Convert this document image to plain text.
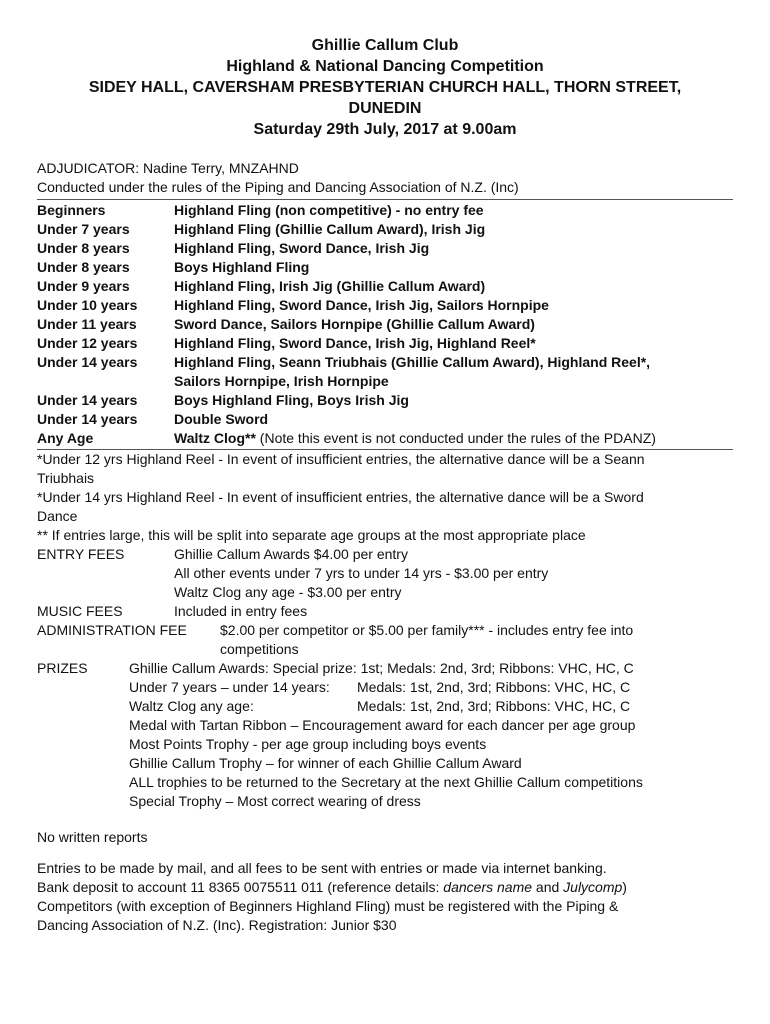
Ghillie Callum Club
Highland & National Dancing Competition
SIDEY HALL, CAVERSHAM PRESBYTERIAN CHURCH HALL, THORN STREET,
DUNEDIN
Saturday 29th July, 2017 at 9.00am
ADJUDICATOR: Nadine Terry, MNZAHND
Conducted under the rules of the Piping and Dancing Association of N.Z. (Inc)
Beginners	Highland Fling (non competitive) - no entry fee
Under 7 years	Highland Fling (Ghillie Callum Award), Irish Jig
Under 8 years	Highland Fling, Sword Dance, Irish Jig
Under 8 years	Boys Highland Fling
Under 9 years	Highland Fling, Irish Jig (Ghillie Callum Award)
Under 10 years	Highland Fling, Sword Dance, Irish Jig, Sailors Hornpipe
Under 11 years	Sword Dance, Sailors Hornpipe (Ghillie Callum Award)
Under 12 years	Highland Fling, Sword Dance, Irish Jig, Highland Reel*
Under 14 years	Highland Fling, Seann Triubhais (Ghillie Callum Award), Highland Reel*,
Sailors Hornpipe, Irish Hornpipe
Under 14 years	Boys Highland Fling, Boys Irish Jig
Under 14 years	Double Sword
Any Age	Waltz Clog** (Note this event is not conducted under the rules of the PDANZ)
*Under 12 yrs Highland Reel - In event of insufficient entries, the alternative dance will be a Seann
Triubhais
*Under 14 yrs Highland Reel - In event of insufficient entries, the alternative dance will be a Sword
Dance
** If entries large, this will be split into separate age groups at the most appropriate place
ENTRY FEES	Ghillie Callum Awards $4.00 per entry
All other events under 7 yrs to under 14 yrs - $3.00 per entry
Waltz Clog any age - $3.00 per entry
MUSIC FEES	Included in entry fees
ADMINISTRATION FEE	$2.00 per competitor or $5.00 per family*** - includes entry fee into
competitions
PRIZES	Ghillie Callum Awards: Special prize: 1st; Medals: 2nd, 3rd; Ribbons: VHC, HC, C
Under 7 years – under 14 years:	Medals: 1st, 2nd, 3rd; Ribbons: VHC, HC, C
Waltz Clog any age:	Medals: 1st, 2nd, 3rd; Ribbons: VHC, HC, C
Medal with Tartan Ribbon – Encouragement award for each dancer per age group
Most Points Trophy - per age group including boys events
Ghillie Callum Trophy – for winner of each Ghillie Callum Award
ALL trophies to be returned to the Secretary at the next Ghillie Callum competitions
Special Trophy – Most correct wearing of dress
No written reports
Entries to be made by mail, and all fees to be sent with entries or made via internet banking.
Bank deposit to account 11 8365 0075511 011 (reference details: dancers name and Julycomp)
Competitors (with exception of Beginners Highland Fling) must be registered with the Piping &
Dancing Association of N.Z. (Inc). Registration: Junior $30
